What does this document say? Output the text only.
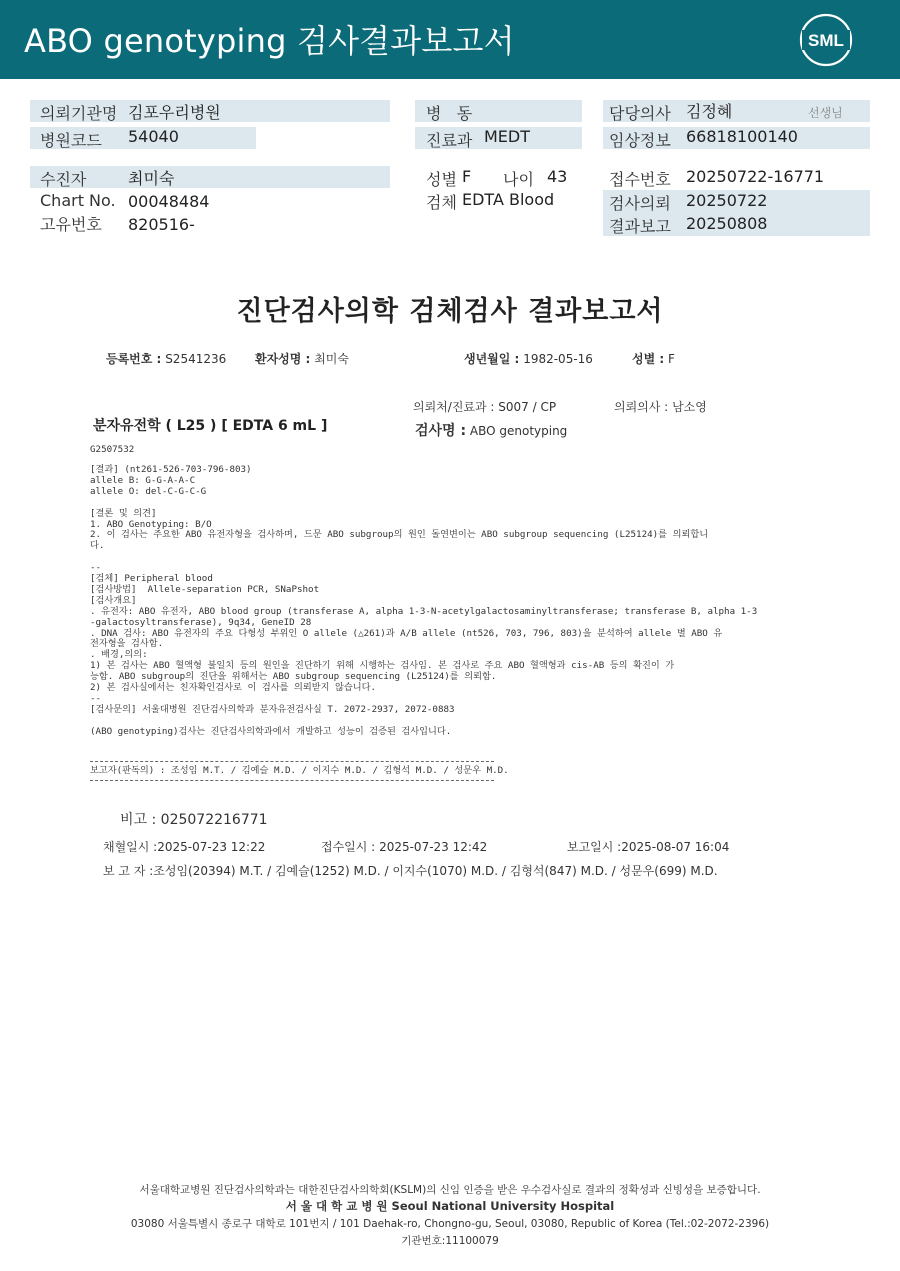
ABO genotyping 검사결과보고서	SML
의뢰기관명 김포우리병원
병원코드 54040
병   동
진료과 MEDT
담당의사 김정혜	선생님
임상정보 66818100140
수진자	최미숙
Chart No. 00048484
고유번호 820516-
성별 F 나이 43
검체 EDTA Blood
접수번호 20250722-16771
검사의뢰 20250722
결과보고 20250808
진단검사의학 검체검사 결과보고서
등록번호 : S2541236 환자성명 : 최미숙	생년월일 : 1982-05-16	성별 : F
의뢰처/진료과 : S007 / CP	의뢰의사 : 남소영
분자유전학 ( L25 ) [ EDTA 6 mL ]	검사명 : ABO genotyping
G2507532
[결과] (nt261-526-703-796-803)
allele B: G-G-A-A-C
allele O: del-C-G-C-G
[결론 및 의견]
1. ABO Genotyping: B/O
2. 이 검사는 주요한 ABO 유전자형을 검사하며, 드문 ABO subgroup의 원인 돌연변이는 ABO subgroup sequencing (L25124)를 의뢰합니
다.
--
[검체] Peripheral blood
[검사방법]  Allele-separation PCR, SNaPshot
[검사개요]
. 유전자: ABO 유전자, ABO blood group (transferase A, alpha 1-3-N-acetylgalactosaminyltransferase; transferase B, alpha 1-3
-galactosyltransferase), 9q34, GeneID 28
. DNA 검사: ABO 유전자의 주요 다형성 부위인 O allele (△261)과 A/B allele (nt526, 703, 796, 803)을 분석하여 allele 별 ABO 유
전자형을 검사함.
. 배경,의의:
1) 본 검사는 ABO 혈액형 불일치 등의 원인을 진단하기 위해 시행하는 검사임. 본 검사로 주요 ABO 혈액형과 cis-AB 등의 확진이 가
능함. ABO subgroup의 진단을 위해서는 ABO subgroup sequencing (L25124)를 의뢰함.
2) 본 검사실에서는 친자확인검사로 이 검사를 의뢰받지 않습니다.
--
[검사문의] 서울대병원 진단검사의학과 분자유전검사실 T. 2072-2937, 2072-0883
(ABO genotyping)검사는 진단검사의학과에서 개발하고 성능이 검증된 검사입니다.
보고자(판독의) : 조성임 M.T. / 김예슬 M.D. / 이지수 M.D. / 김형석 M.D. / 성문우 M.D.
비고 : 025072216771
채혈일시 :2025-07-23 12:22	접수일시 : 2025-07-23 12:42	보고일시 :2025-08-07 16:04
보 고 자 :조성임(20394) M.T. / 김예슬(1252) M.D. / 이지수(1070) M.D. / 김형석(847) M.D. / 성문우(699) M.D.
서울대학교병원 진단검사의학과는 대한진단검사의학회(KSLM)의 신임 인증을 받은 우수검사실로 결과의 정확성과 신빙성을 보증합니다.
서 울 대 학 교 병 원 Seoul National University Hospital
03080 서울특별시 종로구 대학로 101번지 / 101 Daehak-ro, Chongno-gu, Seoul, 03080, Republic of Korea (Tel.:02-2072-2396)
기관번호:11100079
